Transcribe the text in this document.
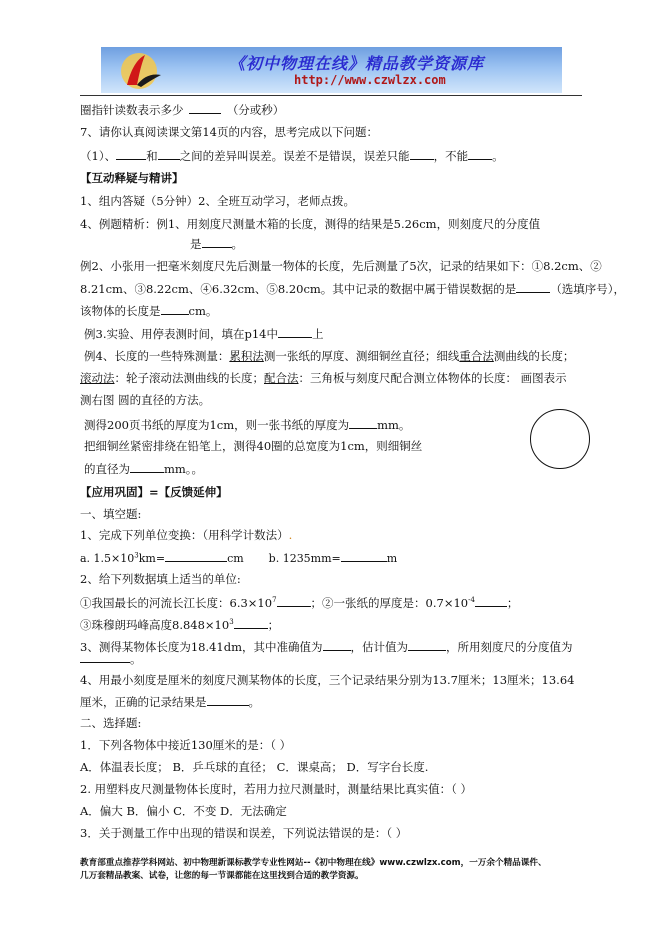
《初中物理在线》精品教学资源库
http://www.czwlzx.com
圈指针读数表示多少	（分或秒）
7、请你认真阅读课文第14页的内容，思考完成以下问题：
（1）、	和 之间的差异叫误差。误差不是错误，误差只能 ，不能 。
【互动释疑与精讲】
1、组内答疑（5分钟）2、全班互动学习，老师点拨。
4、例题精析：例1、用刻度尺测量木箱的长度，测得的结果是5.26cm，则刻度尺的分度值
是	。
例2、小张用一把毫米刻度尺先后测量一物体的长度，先后测量了5次，记录的结果如下：①8.2cm、②
8.21cm、③8.22cm、④6.32cm、⑤8.20cm。其中记录的数据中属于错误数据的是	（选填序号），
该物体的长度是 cm。
例3.实验、用停表测时间，填在p14中	上
例4、长度的一些特殊测量：累积法测一张纸的厚度、测细铜丝直径；细线重合法测曲线的长度；
滚动法：轮子滚动法测曲线的长度；配合法：三角板与刻度尺配合测立体物体的长度： 画图表示
测右图 圆的直径的方法。
测得200页书纸的厚度为1cm，则一张书纸的厚度为 mm。
把细铜丝紧密排绕在铅笔上，测得40圈的总宽度为1cm，则细铜丝
的直径为	mm。。
【应用巩固】=【反馈延伸】
一、填空题:
1、完成下列单位变换：（用科学计数法）.
a. $1.5\times 10^3km=$	cm b. 1235mm=	m
2、给下列数据填上适当的单位:
①我国最长的河流长江长度：$6.3\times 10^7$	；②一张纸的厚度是：$0.7\times 10^{-4}$	；
③珠穆朗玛峰高度$8.848\times 10^3$	；
3、测得某物体长度为18.41dm，其中准确值为 ，估计值为	，所用刻度尺的分度值为
。
4、用最小刻度是厘米的刻度尺测某物体的长度，三个记录结果分别为13.7厘米；13厘米；13.64
厘米，正确的记录结果是	。
二、选择题:
1．下列各物体中接近130厘米的是：（ ）
A．体温表长度； B．乒乓球的直径； C．课桌高； D．写字台长度.
2. 用塑料皮尺测量物体长度时，若用力拉尺测量时，测量结果比真实值：（ ）
A．偏大 B．偏小 C．不变 D．无法确定
3．关于测量工作中出现的错误和误差，下列说法错误的是：（ ）
教育部重点推荐学科网站、初中物理新课标教学专业性网站--《初中物理在线》www.czwlzx.com，一万余个精品课件、
几万套精品教案、试卷，让您的每一节课都能在这里找到合适的教学资源。
